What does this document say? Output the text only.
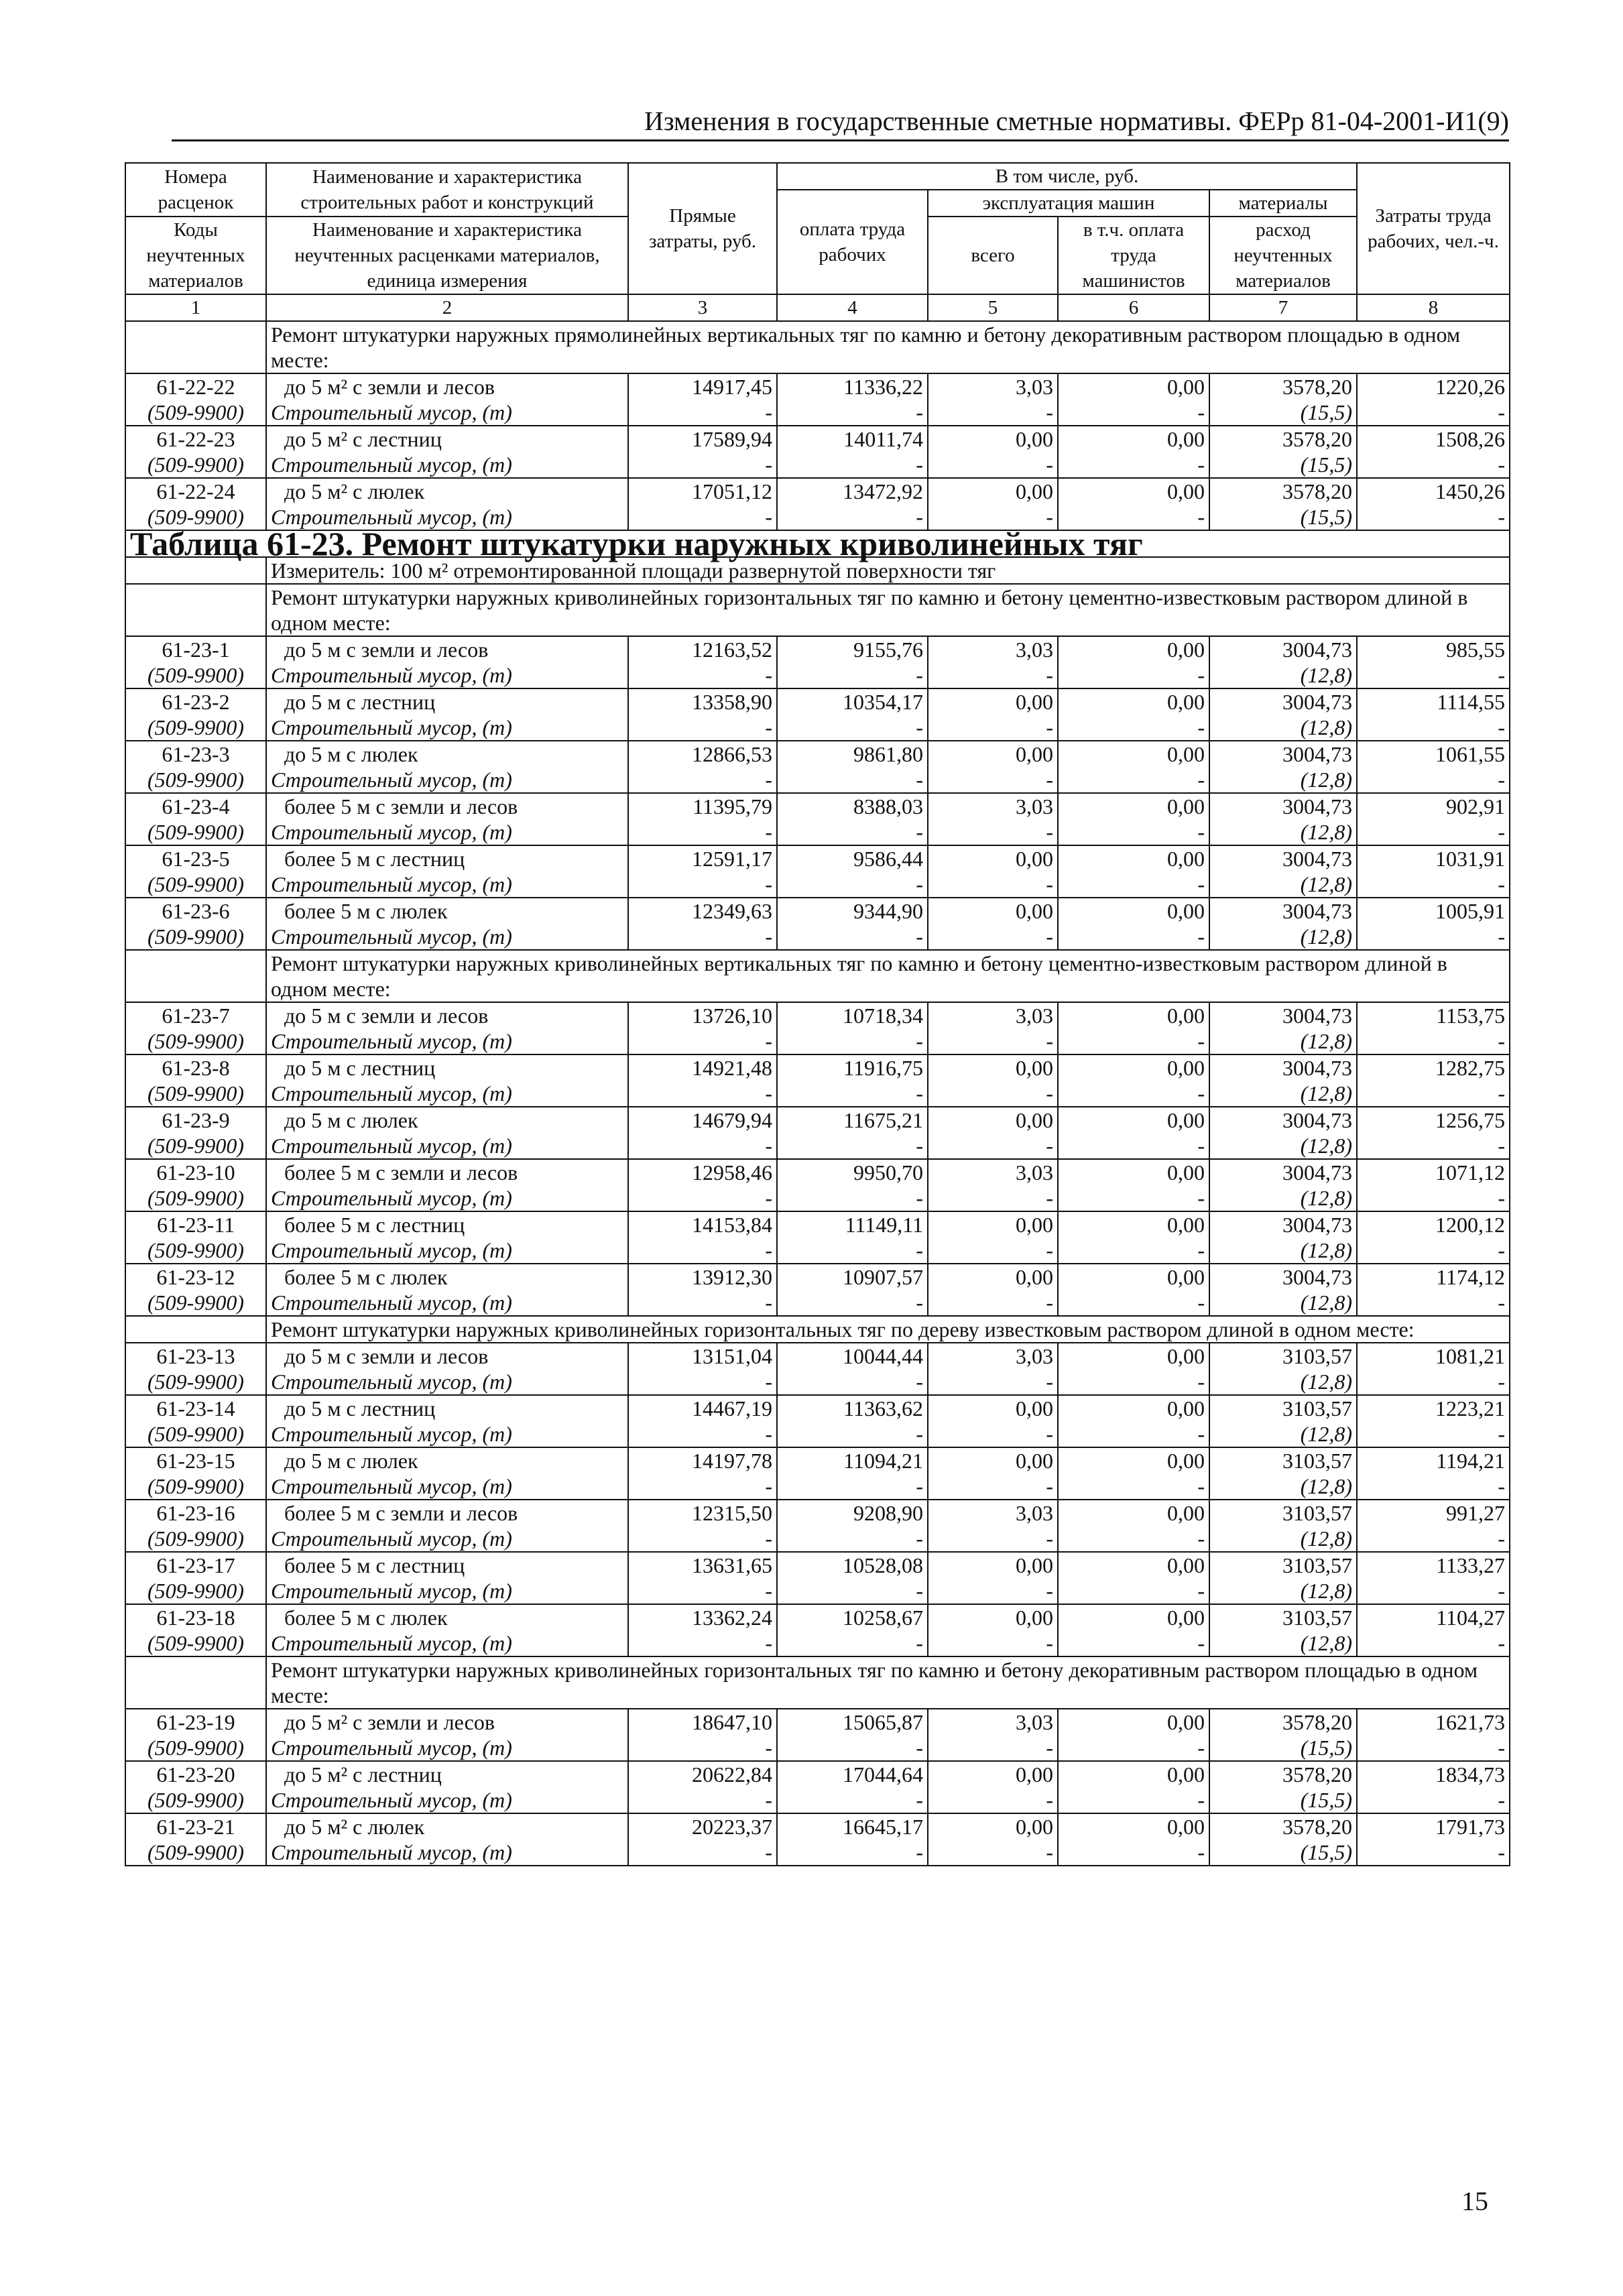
Изменения в государственные сметные нормативы. ФЕРр 81-04-2001-И1(9)
Номера расценок	Наименование и характеристика строительных работ и конструкций	Прямые затраты, руб.	В том числе, руб.				Затраты труда рабочих, чел.-ч.
			оплата труда рабочих	эксплуатация машин		материалы	
Коды неучтенных материалов	Наименование и характеристика неучтенных расценками материалов, единица измерения			всего	в т.ч. оплата труда машинистов	расход неучтенных материалов	

1	2	3	4	5	6	7	8
	Ремонт штукатурки наружных прямолинейных вертикальных тяг по камню и бетону декоративным раствором площадью в одном месте:						
61-22-22	до 5 м² с земли и лесов	14917,45	11336,22	3,03	0,00	3578,20	1220,26
(509-9900)	Строительный мусор, (т)	-	-	-	-	(15,5)	-
61-22-23	до 5 м² с лестниц	17589,94	14011,74	0,00	0,00	3578,20	1508,26
(509-9900)	Строительный мусор, (т)	-	-	-	-	(15,5)	-
61-22-24	до 5 м² с люлек	17051,12	13472,92	0,00	0,00	3578,20	1450,26
(509-9900)	Строительный мусор, (т)	-	-	-	-	(15,5)	-
Таблица 61-23. Ремонт штукатурки наружных криволинейных тяг							
	Измеритель: 100 м² отремонтированной площади развернутой поверхности тяг						
	Ремонт штукатурки наружных криволинейных горизонтальных тяг по камню и бетону цементно-известковым раствором длиной в одном месте:						
61-23-1	до 5 м с земли и лесов	12163,52	9155,76	3,03	0,00	3004,73	985,55
(509-9900)	Строительный мусор, (т)	-	-	-	-	(12,8)	-
61-23-2	до 5 м с лестниц	13358,90	10354,17	0,00	0,00	3004,73	1114,55
(509-9900)	Строительный мусор, (т)	-	-	-	-	(12,8)	-
61-23-3	до 5 м с люлек	12866,53	9861,80	0,00	0,00	3004,73	1061,55
(509-9900)	Строительный мусор, (т)	-	-	-	-	(12,8)	-
61-23-4	более 5 м с земли и лесов	11395,79	8388,03	3,03	0,00	3004,73	902,91
(509-9900)	Строительный мусор, (т)	-	-	-	-	(12,8)	-
61-23-5	более 5 м с лестниц	12591,17	9586,44	0,00	0,00	3004,73	1031,91
(509-9900)	Строительный мусор, (т)	-	-	-	-	(12,8)	-
61-23-6	более 5 м с люлек	12349,63	9344,90	0,00	0,00	3004,73	1005,91
(509-9900)	Строительный мусор, (т)	-	-	-	-	(12,8)	-
	Ремонт штукатурки наружных криволинейных вертикальных тяг по камню и бетону цементно-известковым раствором длиной в одном месте:						
61-23-7	до 5 м с земли и лесов	13726,10	10718,34	3,03	0,00	3004,73	1153,75
(509-9900)	Строительный мусор, (т)	-	-	-	-	(12,8)	-
61-23-8	до 5 м с лестниц	14921,48	11916,75	0,00	0,00	3004,73	1282,75
(509-9900)	Строительный мусор, (т)	-	-	-	-	(12,8)	-
61-23-9	до 5 м с люлек	14679,94	11675,21	0,00	0,00	3004,73	1256,75
(509-9900)	Строительный мусор, (т)	-	-	-	-	(12,8)	-
61-23-10	более 5 м с земли и лесов	12958,46	9950,70	3,03	0,00	3004,73	1071,12
(509-9900)	Строительный мусор, (т)	-	-	-	-	(12,8)	-
61-23-11	более 5 м с лестниц	14153,84	11149,11	0,00	0,00	3004,73	1200,12
(509-9900)	Строительный мусор, (т)	-	-	-	-	(12,8)	-
61-23-12	более 5 м с люлек	13912,30	10907,57	0,00	0,00	3004,73	1174,12
(509-9900)	Строительный мусор, (т)	-	-	-	-	(12,8)	-
	Ремонт штукатурки наружных криволинейных горизонтальных тяг по дереву известковым раствором длиной в одном месте:						
61-23-13	до 5 м с земли и лесов	13151,04	10044,44	3,03	0,00	3103,57	1081,21
(509-9900)	Строительный мусор, (т)	-	-	-	-	(12,8)	-
61-23-14	до 5 м с лестниц	14467,19	11363,62	0,00	0,00	3103,57	1223,21
(509-9900)	Строительный мусор, (т)	-	-	-	-	(12,8)	-
61-23-15	до 5 м с люлек	14197,78	11094,21	0,00	0,00	3103,57	1194,21
(509-9900)	Строительный мусор, (т)	-	-	-	-	(12,8)	-
61-23-16	более 5 м с земли и лесов	12315,50	9208,90	3,03	0,00	3103,57	991,27
(509-9900)	Строительный мусор, (т)	-	-	-	-	(12,8)	-
61-23-17	более 5 м с лестниц	13631,65	10528,08	0,00	0,00	3103,57	1133,27
(509-9900)	Строительный мусор, (т)	-	-	-	-	(12,8)	-
61-23-18	более 5 м с люлек	13362,24	10258,67	0,00	0,00	3103,57	1104,27
(509-9900)	Строительный мусор, (т)	-	-	-	-	(12,8)	-
	Ремонт штукатурки наружных криволинейных горизонтальных тяг по камню и бетону декоративным раствором площадью в одном месте:						
61-23-19	до 5 м² с земли и лесов	18647,10	15065,87	3,03	0,00	3578,20	1621,73
(509-9900)	Строительный мусор, (т)	-	-	-	-	(15,5)	-
61-23-20	до 5 м² с лестниц	20622,84	17044,64	0,00	0,00	3578,20	1834,73
(509-9900)	Строительный мусор, (т)	-	-	-	-	(15,5)	-
61-23-21	до 5 м² с люлек	20223,37	16645,17	0,00	0,00	3578,20	1791,73
(509-9900)	Строительный мусор, (т)	-	-	-	-	(15,5)	-
15
